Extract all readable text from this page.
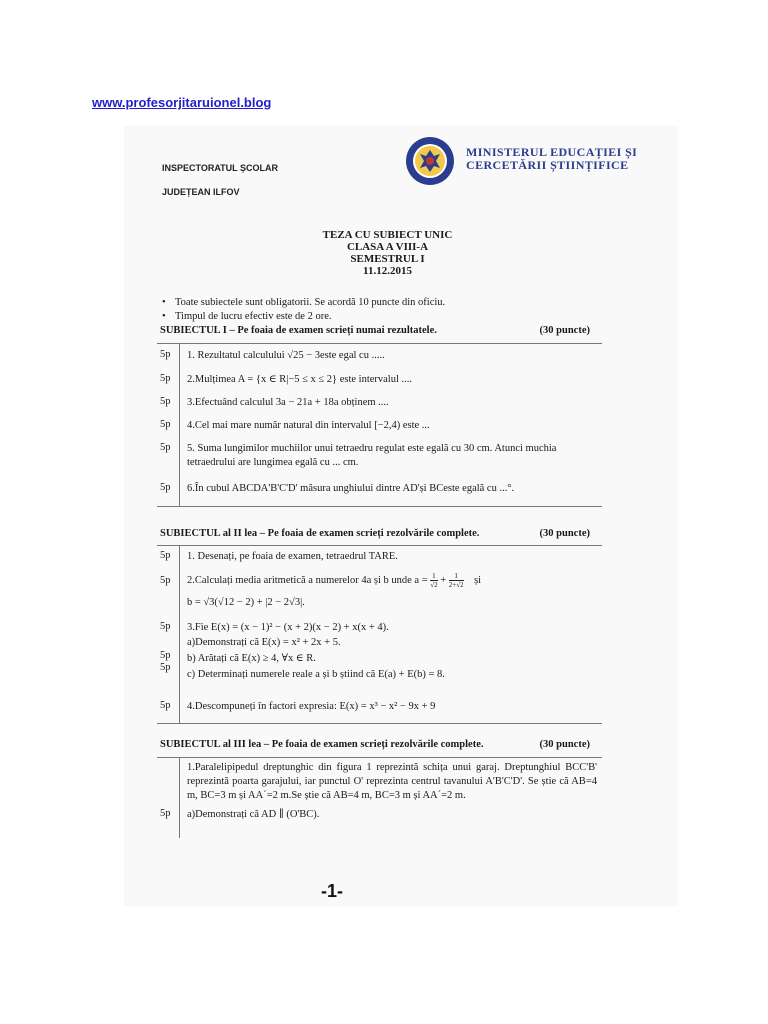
www.profesorjitaruionel.blog
INSPECTORATUL ȘCOLAR
JUDEȚEAN ILFOV
MINISTERUL EDUCAȚIEI ȘI
CERCETĂRII ȘTIINȚIFICE
TEZA CU SUBIECT UNIC
CLASA A VIII-A
SEMESTRUL I
11.12.2015
• Toate subiectele sunt obligatorii. Se acordă 10 puncte din oficiu.
• Timpul de lucru efectiv este de 2 ore.
SUBIECTUL I – Pe foaia de examen scrieți numai rezultatele.	(30 puncte)
5p 1. Rezultatul calculului √25 − 3este egal cu .....
5p 2.Mulțimea A = {x ∈ R|−5 ≤ x ≤ 2} este intervalul ....
5p 3.Efectuând calculul 3a − 21a + 18a obținem ....
5p 4.Cel mai mare număr natural din intervalul [−2,4) este ...
5p 5. Suma lungimilor muchiilor unui tetraedru regulat este egală cu 30 cm. Atunci muchia tetraedrului are lungimea egală cu ... cm.
5p 6.În cubul ABCDA'B'C'D' măsura unghiului dintre AD'și BCeste egală cu ...°.
SUBIECTUL al II lea – Pe foaia de examen scrieți rezolvările complete.	(30 puncte)
5p 1. Desenați, pe foaia de examen, tetraedrul TARE.
5p 2.Calculați media aritmetică a numerelor 4a și b unde $a = \frac{1}{√2} + \frac{1}{2+√2}$ și
b = √3(√12 − 2) + |2 − 2√3|.
5p 3.Fie E(x) = (x − 1)² − (x + 2)(x − 2) + x(x + 4).
a)Demonstrați că E(x) = x² + 2x + 5.
5p b) Arătați că E(x) ≥ 4, ∀x ∈ R.
5p
c) Determinați numerele reale a și b știind că E(a) + E(b) = 8.
5p 4.Descompuneți în factori expresia: E(x) = x³ − x² − 9x + 9
SUBIECTUL al III lea – Pe foaia de examen scrieți rezolvările complete.	(30 puncte)
1.Paralelipipedul dreptunghic din figura 1 reprezintă schița unui garaj. Dreptunghiul BCC'B' reprezintă poarta garajului, iar punctul O' reprezinta centrul tavanului A'B'C'D'. Se știe că AB=4 m, BC=3 m și AA´=2 m.Se știe că AB=4 m, BC=3 m și AA´=2 m.
5p a)Demonstrați că AD ∥ (O'BC).
-1-
